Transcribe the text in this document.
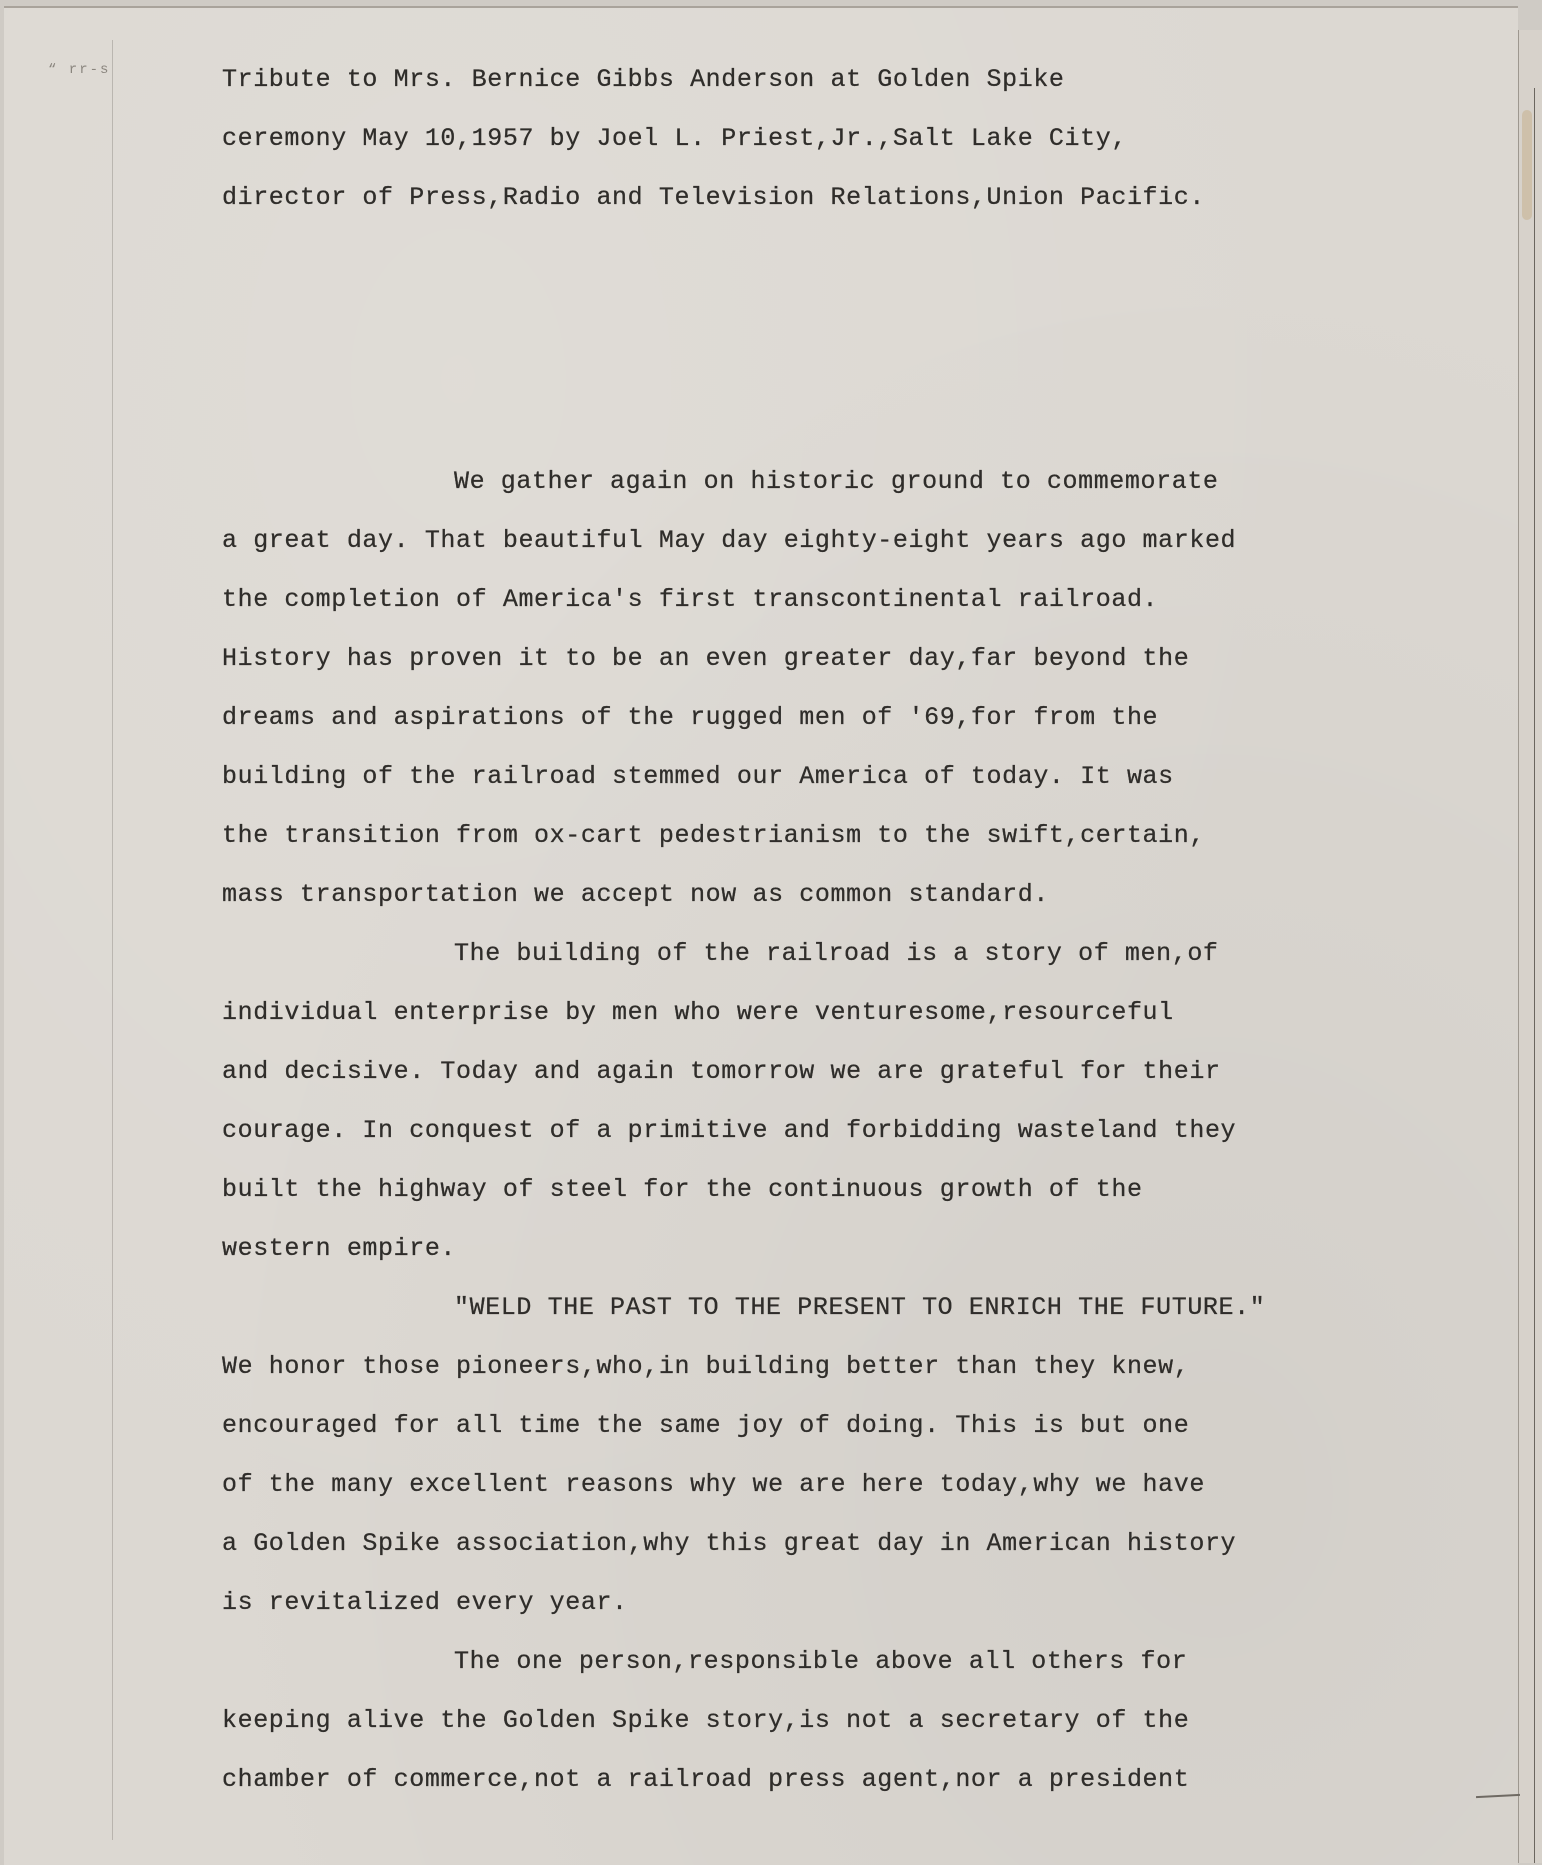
“ rr‑s	Tribute to Mrs. Bernice Gibbs Anderson at Golden Spike
ceremony May 10,1957 by Joel L. Priest,Jr.,Salt Lake City,
director of Press,Radio and Television Relations,Union Pacific.
We gather again on historic ground to commemorate
a great day. That beautiful May day eighty-eight years ago marked
the completion of America's first transcontinental railroad.
History has proven it to be an even greater day,far beyond the
dreams and aspirations of the rugged men of '69,for from the
building of the railroad stemmed our America of today. It was
the transition from ox-cart pedestrianism to the swift,certain,
mass transportation we accept now as common standard.
The building of the railroad is a story of men,of
individual enterprise by men who were venturesome,resourceful
and decisive. Today and again tomorrow we are grateful for their
courage. In conquest of a primitive and forbidding wasteland they
built the highway of steel for the continuous growth of the
western empire.
"WELD THE PAST TO THE PRESENT TO ENRICH THE FUTURE."
We honor those pioneers,who,in building better than they knew,
encouraged for all time the same joy of doing. This is but one
of the many excellent reasons why we are here today,why we have
a Golden Spike association,why this great day in American history
is revitalized every year.
The one person,responsible above all others for
keeping alive the Golden Spike story,is not a secretary of the
chamber of commerce,not a railroad press agent,nor a president
